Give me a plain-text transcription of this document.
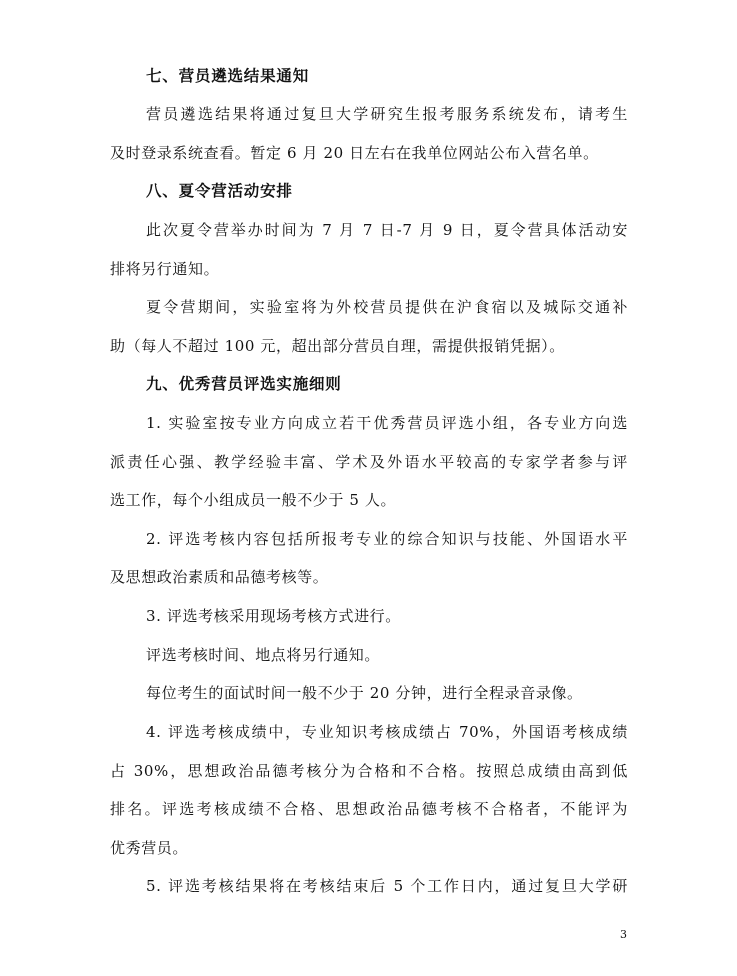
七、营员遴选结果通知
营员遴选结果将通过复旦大学研究生报考服务系统发布，请考生
及时登录系统查看。暂定 6 月 20 日左右在我单位网站公布入营名单。
八、夏令营活动安排
此次夏令营举办时间为 7 月 7 日-7 月 9 日，夏令营具体活动安
排将另行通知。
夏令营期间，实验室将为外校营员提供在沪食宿以及城际交通补
助（每人不超过 100 元，超出部分营员自理，需提供报销凭据）。
九、优秀营员评选实施细则
1. 实验室按专业方向成立若干优秀营员评选小组，各专业方向选
派责任心强、教学经验丰富、学术及外语水平较高的专家学者参与评
选工作，每个小组成员一般不少于 5 人。
2. 评选考核内容包括所报考专业的综合知识与技能、外国语水平
及思想政治素质和品德考核等。
3. 评选考核采用现场考核方式进行。
评选考核时间、地点将另行通知。
每位考生的面试时间一般不少于 20 分钟，进行全程录音录像。
4. 评选考核成绩中，专业知识考核成绩占 70%，外国语考核成绩
占 30%，思想政治品德考核分为合格和不合格。按照总成绩由高到低
排名。评选考核成绩不合格、思想政治品德考核不合格者，不能评为
优秀营员。
5. 评选考核结果将在考核结束后 5 个工作日内，通过复旦大学研
3
